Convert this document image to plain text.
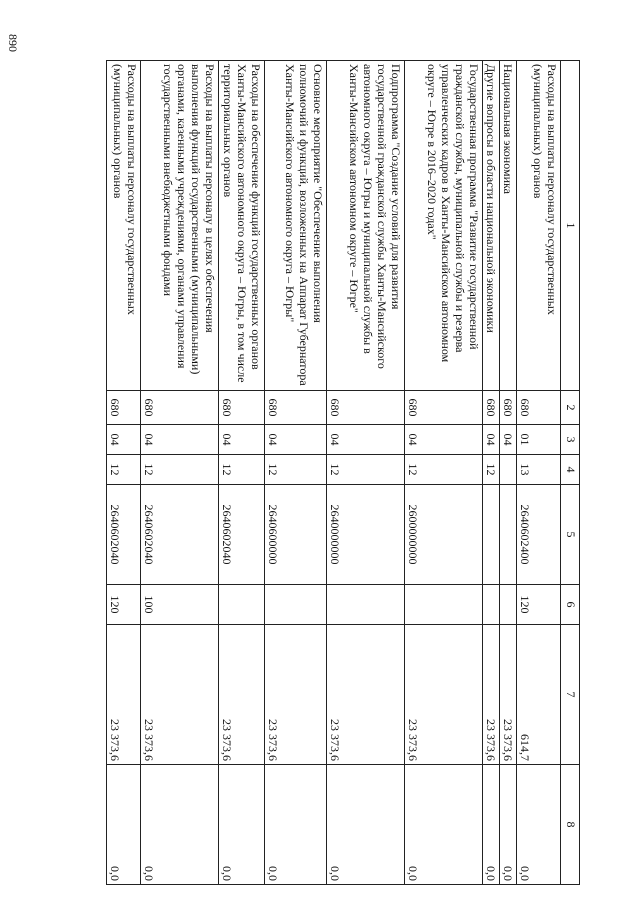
890
1	2	3	4	5	6	7	8
Расходы на выплаты персоналу государственных (муниципальных) органов	680	01	13	2640602400	120	614,7	0,0
Национальная экономика	680	04				23 373,6	0,0
Другие вопросы в области национальной экономики	680	04	12			23 373,6	0,0
Государственная программа "Развитие государственной гражданской службы, муниципальной службы и резерва управленческих кадров в Ханты-Мансийском автономном округе – Югре в 2016–2020 годах"	680	04	12	2600000000		23 373,6	0,0
Подпрограмма "Создание условий для развития государственной гражданской службы Ханты-Мансийского автономного округа – Югры и муниципальной службы в Ханты-Мансийском автономном округе – Югре"	680	04	12	2640000000		23 373,6	0,0
Основное мероприятие "Обеспечение выполнения полномочий и функций, возложенных на Аппарат Губернатора Ханты-Мансийского автономного округа – Югры"	680	04	12	2640600000		23 373,6	0,0
Расходы на обеспечение функций государственных органов Ханты-Мансийского автономного округа – Югры, в том числе территориальных органов	680	04	12	2640602040		23 373,6	0,0
Расходы на выплаты персоналу в целях обеспечения выполнения функций государственными (муниципальными) органами, казенными учреждениями, органами управления государственными внебюджетными фондами	680	04	12	2640602040	100	23 373,6	0,0
Расходы на выплаты персоналу государственных (муниципальных) органов	680	04	12	2640602040	120	23 373,6	0,0
